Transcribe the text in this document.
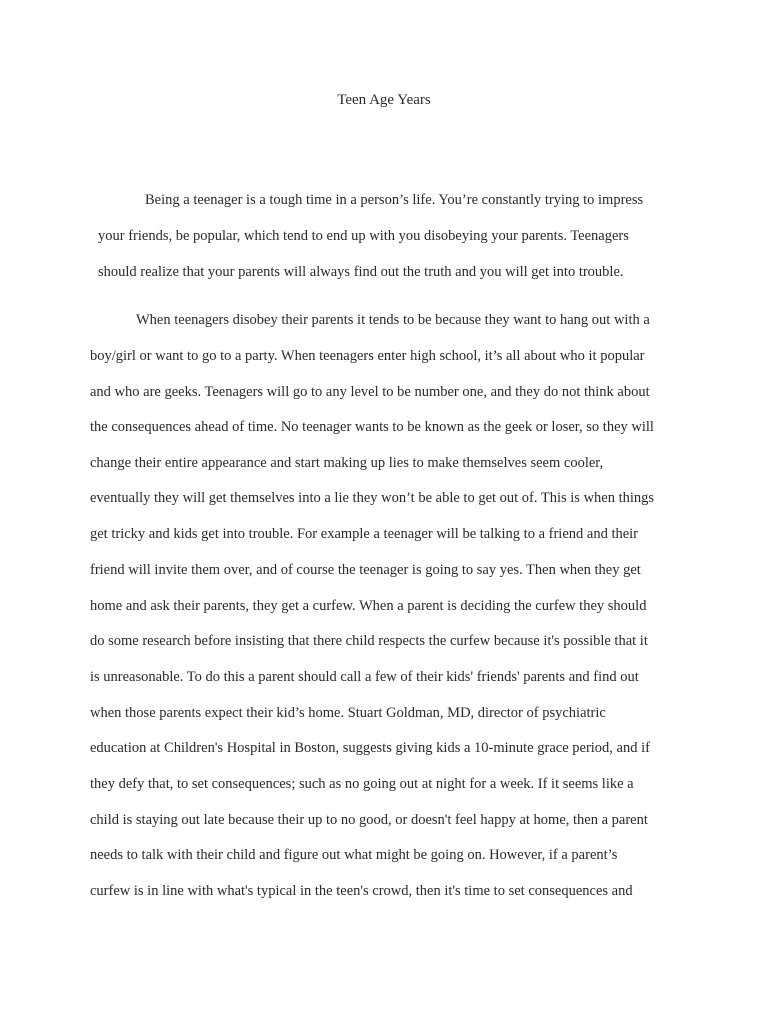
Teen Age Years
Being a teenager is a tough time in a person’s life. You’re constantly trying to impress
your friends, be popular, which tend to end up with you disobeying your parents. Teenagers
should realize that your parents will always find out the truth and you will get into trouble.
When teenagers disobey their parents it tends to be because they want to hang out with a
boy/girl or want to go to a party. When teenagers enter high school, it’s all about who it popular
and who are geeks. Teenagers will go to any level to be number one, and they do not think about
the consequences ahead of time. No teenager wants to be known as the geek or loser, so they will
change their entire appearance and start making up lies to make themselves seem cooler,
eventually they will get themselves into a lie they won’t be able to get out of. This is when things
get tricky and kids get into trouble. For example a teenager will be talking to a friend and their
friend will invite them over, and of course the teenager is going to say yes. Then when they get
home and ask their parents, they get a curfew. When a parent is deciding the curfew they should
do some research before insisting that there child respects the curfew because it's possible that it
is unreasonable. To do this a parent should call a few of their kids' friends' parents and find out
when those parents expect their kid’s home. Stuart Goldman, MD, director of psychiatric
education at Children's Hospital in Boston, suggests giving kids a 10-minute grace period, and if
they defy that, to set consequences; such as no going out at night for a week. If it seems like a
child is staying out late because their up to no good, or doesn't feel happy at home, then a parent
needs to talk with their child and figure out what might be going on. However, if a parent’s
curfew is in line with what's typical in the teen's crowd, then it's time to set consequences and
